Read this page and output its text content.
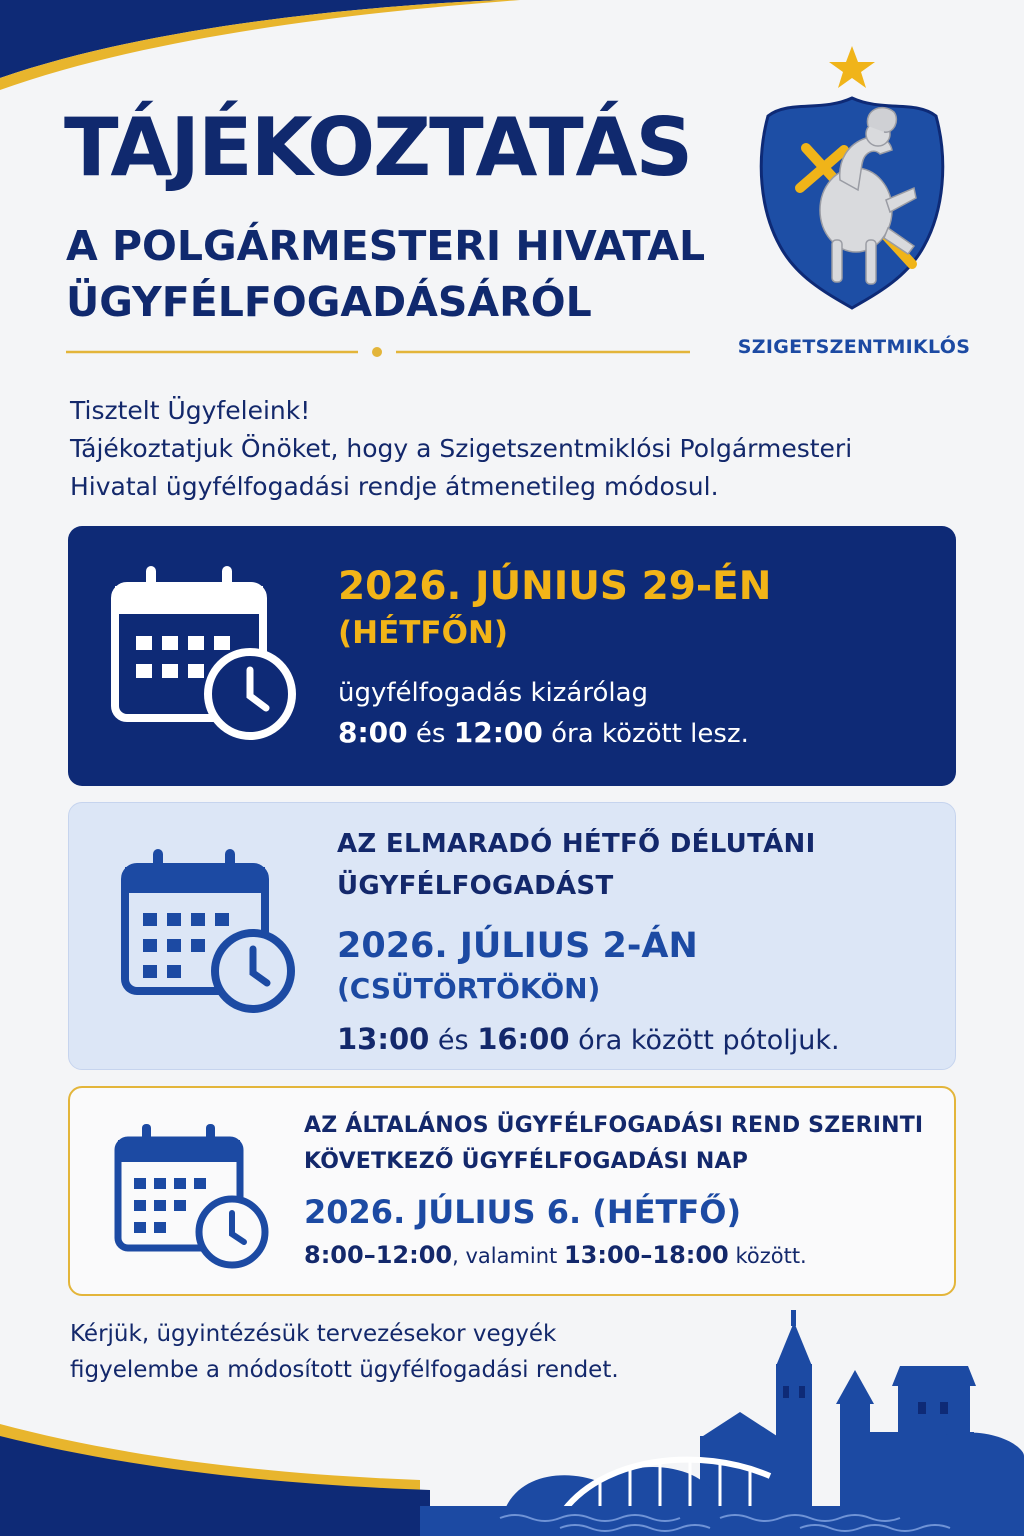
TÁJÉKOZTATÁS
A POLGÁRMESTERI HIVATAL
ÜGYFÉLFOGADÁSÁRÓL
SZIGETSZENTMIKLÓS

Tisztelt Ügyfeleink!

Tájékoztatjuk Önöket, hogy a Szigetszentmiklósi Polgármesteri

Hivatal ügyfélfogadási rendje átmenetileg módosul.

2026. JÚNIUS 29-ÉN
(HÉTFŐN)
ügyfélfogadás kizárólag
8:00 és 12:00 óra között lesz.
AZ ELMARADÓ HÉTFŐ DÉLUTÁNI
ÜGYFÉLFOGADÁST
2026. JÚLIUS 2-ÁN
(CSÜTÖRTÖKÖN)
13:00 és 16:00 óra között pótoljuk.
AZ ÁLTALÁNOS ÜGYFÉLFOGADÁSI REND SZERINTI
KÖVETKEZŐ ÜGYFÉLFOGADÁSI NAP
2026. JÚLIUS 6. (HÉTFŐ)
8:00–12:00, valamint 13:00–18:00 között.

Kérjük, ügyintézésük tervezésekor vegyék

figyelembe a módosított ügyfélfogadási rendet.
